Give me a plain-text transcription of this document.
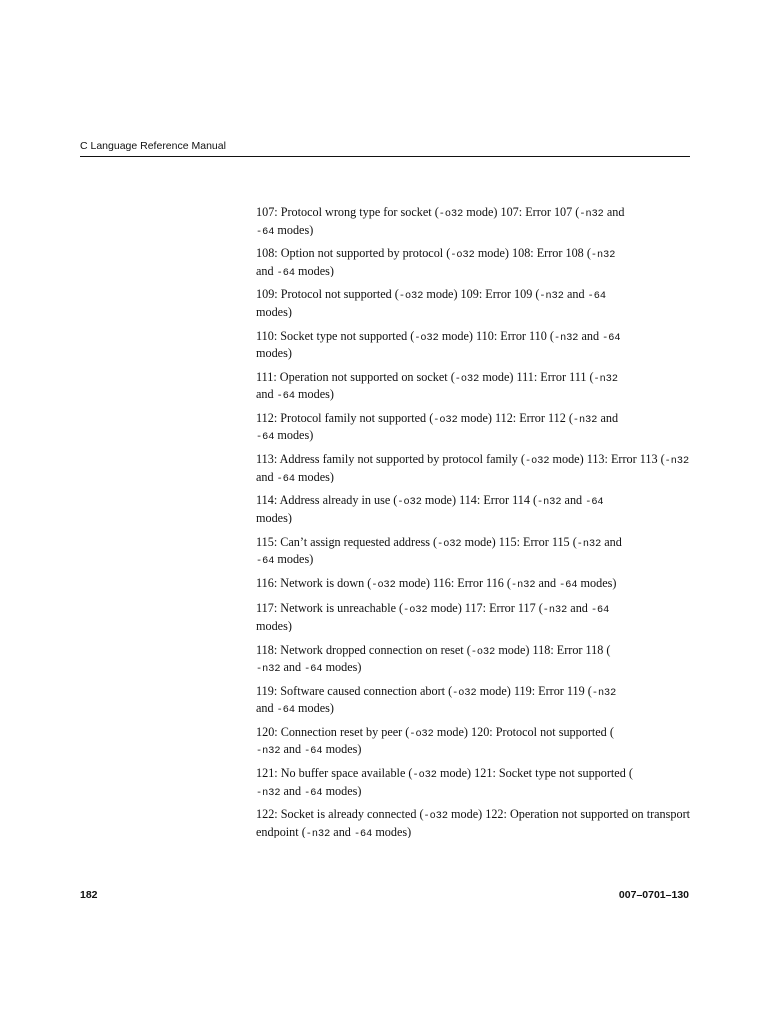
C Language Reference Manual
107: Protocol wrong type for socket (-o32 mode) 107: Error 107 (-n32 and
-64 modes)
108: Option not supported by protocol (-o32 mode) 108: Error 108 (-n32
and -64 modes)
109: Protocol not supported (-o32 mode) 109: Error 109 (-n32 and -64
modes)
110: Socket type not supported (-o32 mode) 110: Error 110 (-n32 and -64
modes)
111: Operation not supported on socket (-o32 mode) 111: Error 111 (-n32
and -64 modes)
112: Protocol family not supported (-o32 mode) 112: Error 112 (-n32 and
-64 modes)
113: Address family not supported by protocol family (-o32 mode) 113: Error 113 (-n32 and -64 modes)
114: Address already in use (-o32 mode) 114: Error 114 (-n32 and -64
modes)
115: Can’t assign requested address (-o32 mode) 115: Error 115 (-n32 and
-64 modes)
116: Network is down (-o32 mode) 116: Error 116 (-n32 and -64 modes)
117: Network is unreachable (-o32 mode) 117: Error 117 (-n32 and -64
modes)
118: Network dropped connection on reset (-o32 mode) 118: Error 118 (
-n32 and -64 modes)
119: Software caused connection abort (-o32 mode) 119: Error 119 (-n32
and -64 modes)
120: Connection reset by peer (-o32 mode) 120: Protocol not supported (
-n32 and -64 modes)
121: No buffer space available (-o32 mode) 121: Socket type not supported (
-n32 and -64 modes)
122: Socket is already connected (-o32 mode) 122: Operation not supported on transport endpoint (-n32 and -64 modes)
182	007–0701–130
